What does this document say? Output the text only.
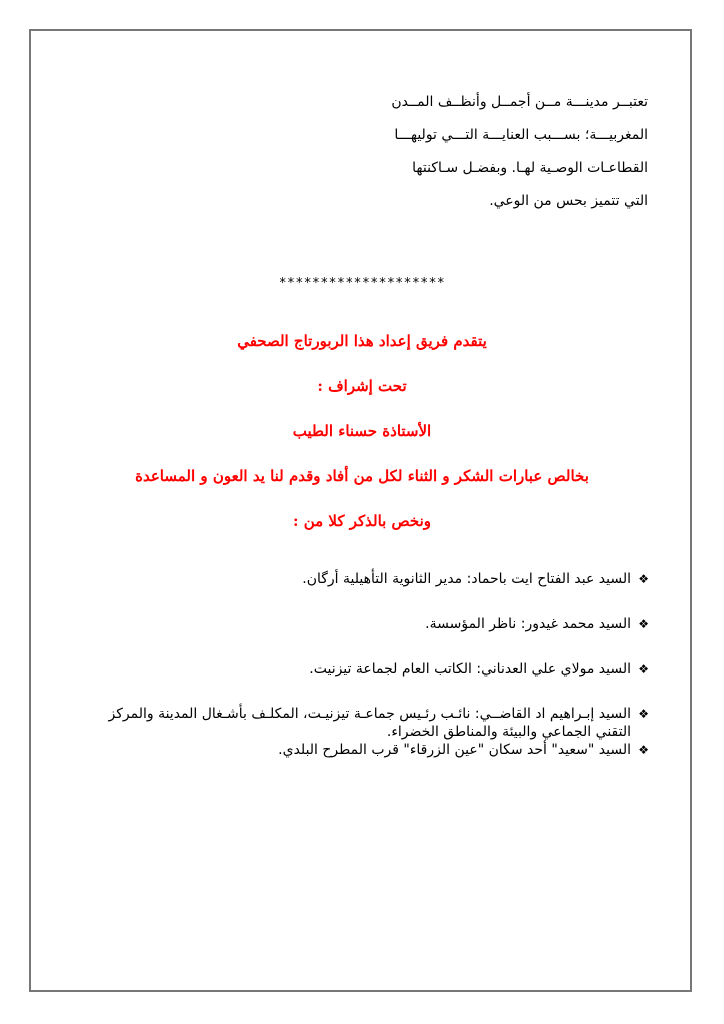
تعتبــر مدينـــة مــن أجمــل وأنظــف المــدن

المغربيـــة؛ بســـبب العنايـــة التـــي توليهـــا

القطاعـات الوصـية لهـا. وبفضـل سـاكنتها

التي تتميز بحس من الوعي.

********************

يتقدم فريق إعداد هذا الربورتاج الصحفي

تحت إشراف :

الأستاذة حسناء الطيب

بخالص عبارات الشكر و الثناء لكل من أفاد وقدم لنا يد العون و المساعدة

ونخص بالذكر كلا من :

❖
السيد عبد الفتاح ايت باحماد: مدير الثانوية التأهيلية أرگان.
❖
السيد محمد غيدور: ناظر المؤسسة.
❖
السيد مولاي علي العدناني: الكاتب العام لجماعة تيزنيت.
❖
السيد إبـراهيم اد القاضــي: نائـب رئـيس جماعـة تيزنيـت، المكلـف بأشـغال المدينة والمركز التقني الجماعي والبيئة والمناطق الخضراء.
❖
السيد "سعيد" أحد سكان "عين الزرقاء" قرب المطرح البلدي.
